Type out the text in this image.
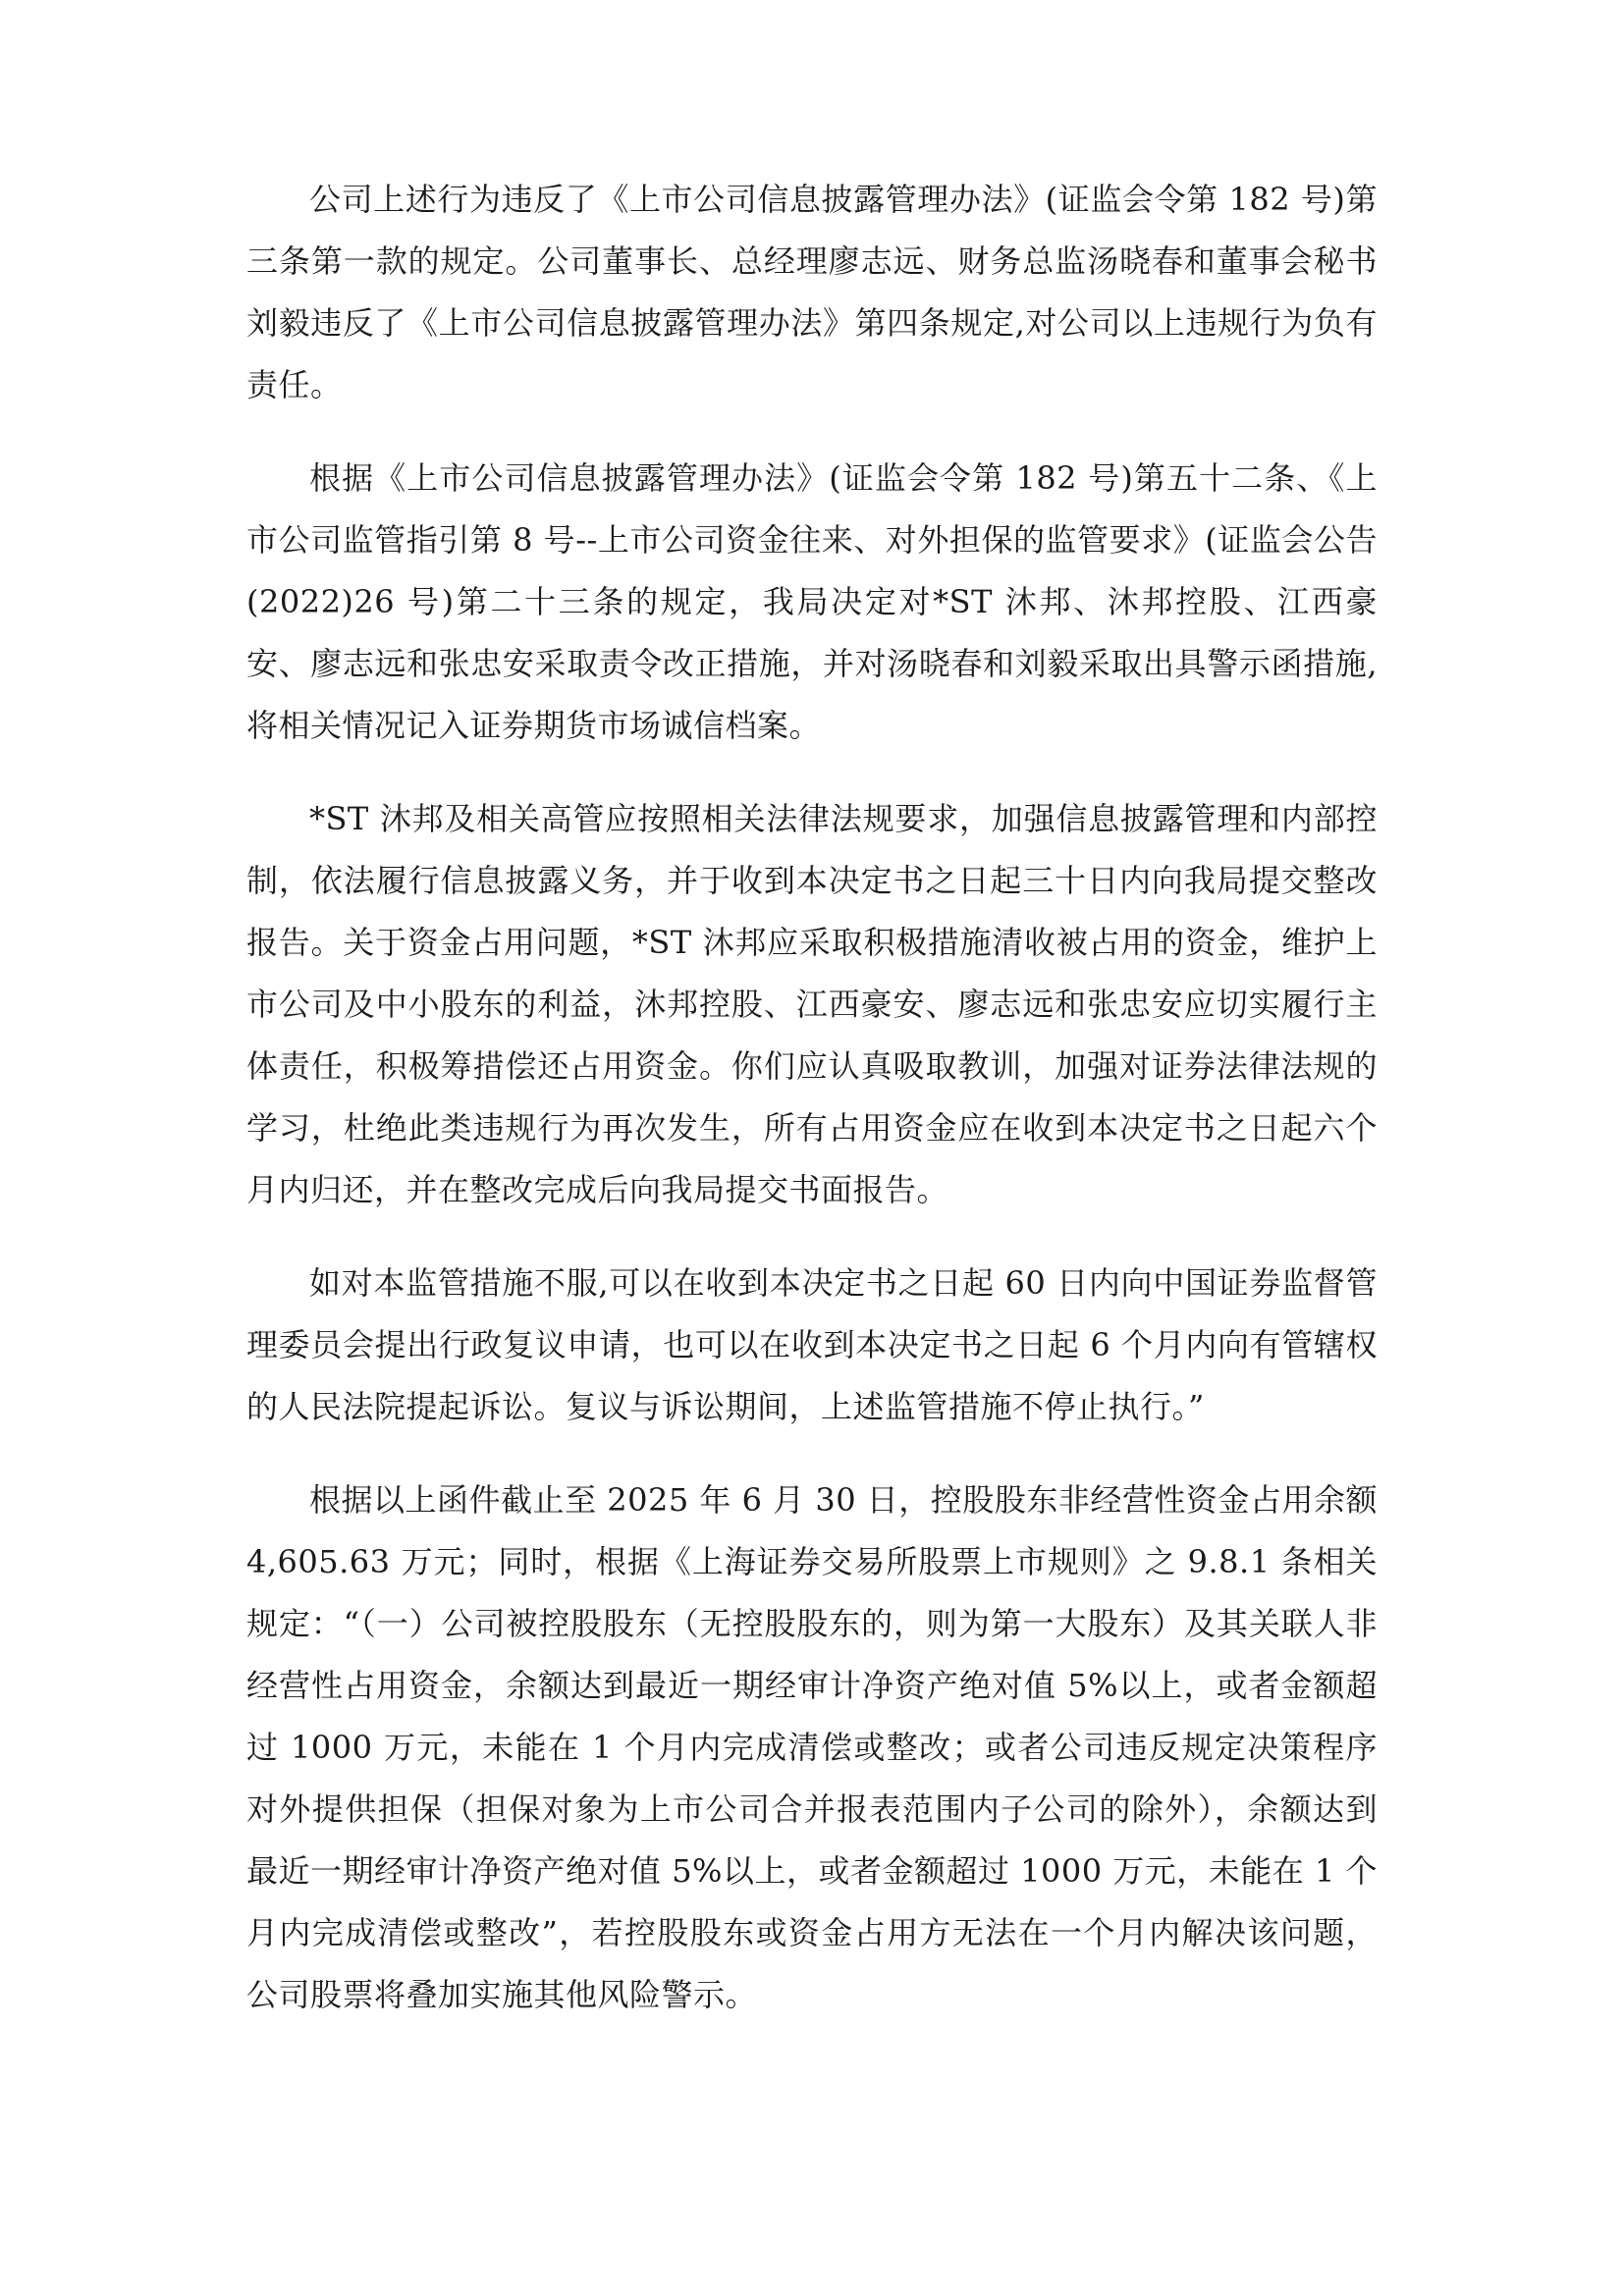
公司上述行为违反了《上市公司信息披露管理办法》(证监会令第 182 号)第三条第一款的规定。公司董事长、总经理廖志远、财务总监汤晓春和董事会秘书刘毅违反了《上市公司信息披露管理办法》第四条规定,对公司以上违规行为负有责任。

根据《上市公司信息披露管理办法》(证监会令第 182 号)第五十二条、《上市公司监管指引第 8 号--上市公司资金往来、对外担保的监管要求》(证监会公告(2022)26 号)第二十三条的规定，我局决定对*ST 沐邦、沐邦控股、江西豪安、廖志远和张忠安采取责令改正措施，并对汤晓春和刘毅采取出具警示函措施,将相关情况记入证券期货市场诚信档案。

*ST 沐邦及相关高管应按照相关法律法规要求，加强信息披露管理和内部控制，依法履行信息披露义务，并于收到本决定书之日起三十日内向我局提交整改报告。关于资金占用问题，*ST 沐邦应采取积极措施清收被占用的资金，维护上市公司及中小股东的利益，沐邦控股、江西豪安、廖志远和张忠安应切实履行主体责任，积极筹措偿还占用资金。你们应认真吸取教训，加强对证券法律法规的学习，杜绝此类违规行为再次发生，所有占用资金应在收到本决定书之日起六个月内归还，并在整改完成后向我局提交书面报告。

如对本监管措施不服,可以在收到本决定书之日起 60 日内向中国证券监督管理委员会提出行政复议申请，也可以在收到本决定书之日起 6 个月内向有管辖权的人民法院提起诉讼。复议与诉讼期间，上述监管措施不停止执行。”

根据以上函件截止至 2025 年 6 月 30 日，控股股东非经营性资金占用余额 4,605.63 万元；同时，根据《上海证券交易所股票上市规则》之 9.8.1 条相关规定：“（一）公司被控股股东（无控股股东的，则为第一大股东）及其关联人非经营性占用资金，余额达到最近一期经审计净资产绝对值 5%以上，或者金额超过 1000 万元，未能在 1 个月内完成清偿或整改；或者公司违反规定决策程序对外提供担保（担保对象为上市公司合并报表范围内子公司的除外），余额达到最近一期经审计净资产绝对值 5%以上，或者金额超过 1000 万元，未能在 1 个月内完成清偿或整改”，若控股股东或资金占用方无法在一个月内解决该问题，公司股票将叠加实施其他风险警示。
